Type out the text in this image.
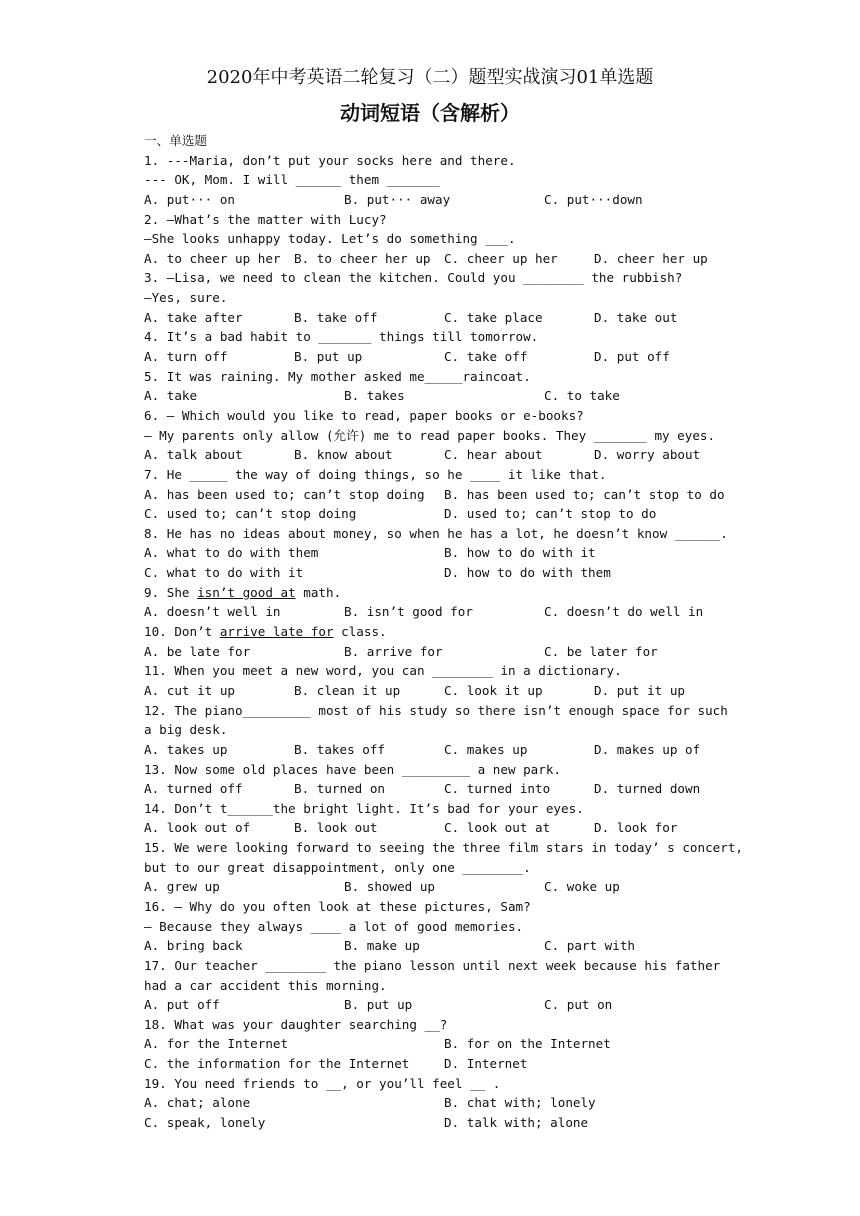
2020年中考英语二轮复习（二）题型实战演习01单选题
动词短语（含解析）
一、单选题
1. ---Maria, don’t put your socks here and there.
--- OK, Mom. I will ______ them _______
A. put··· on	B. put··· away	C. put···down
2. —What’s the matter with Lucy?
—She looks unhappy today. Let’s do something ___.
A. to cheer up her B. to cheer her up C. cheer up her	D. cheer her up
3. —Lisa, we need to clean the kitchen. Could you ________ the rubbish?
—Yes, sure.
A. take after	B. take off	C. take place	D. take out
4. It’s a bad habit to _______ things till tomorrow.
A. turn off	B. put up	C. take off	D. put off
5. It was raining. My mother asked me_____raincoat.
A. take	B. takes	C. to take
6. — Which would you like to read, paper books or e-books?
— My parents only allow (允许) me to read paper books. They _______ my eyes.
A. talk about	B. know about	C. hear about	D. worry about
7. He _____ the way of doing things, so he ____ it like that.
A. has been used to; can’t stop doing B. has been used to; can’t stop to do
C. used to; can’t stop doing	D. used to; can’t stop to do
8. He has no ideas about money, so when he has a lot, he doesn’t know ______.
A. what to do with them	B. how to do with it
C. what to do with it	D. how to do with them
9. She isn’t good at math.
A. doesn’t well in	B. isn’t good for	C. doesn’t do well in
10. Don’t arrive late for class.
A. be late for	B. arrive for	C. be later for
11. When you meet a new word, you can ________ in a dictionary.
A. cut it up	B. clean it up	C. look it up	D. put it up
12. The piano_________ most of his study so there isn’t enough space for such
a big desk.
A. takes up	B. takes off	C. makes up	D. makes up of
13. Now some old places have been _________ a new park.
A. turned off	B. turned on	C. turned into	D. turned down
14. Don’t t______the bright light. It’s bad for your eyes.
A. look out of	B. look out	C. look out at	D. look for
15. We were looking forward to seeing the three film stars in today’ s concert,
but to our great disappointment, only one ________.
A. grew up	B. showed up	C. woke up
16. — Why do you often look at these pictures, Sam?
— Because they always ____ a lot of good memories.
A. bring back	B. make up	C. part with
17. Our teacher ________ the piano lesson until next week because his father
had a car accident this morning.
A. put off	B. put up	C. put on
18. What was your daughter searching __?
A. for the Internet	B. for on the Internet
C. the information for the Internet	D. Internet
19. You need friends to __, or you’ll feel __ .
A. chat; alone	B. chat with; lonely
C. speak, lonely	D. talk with; alone
